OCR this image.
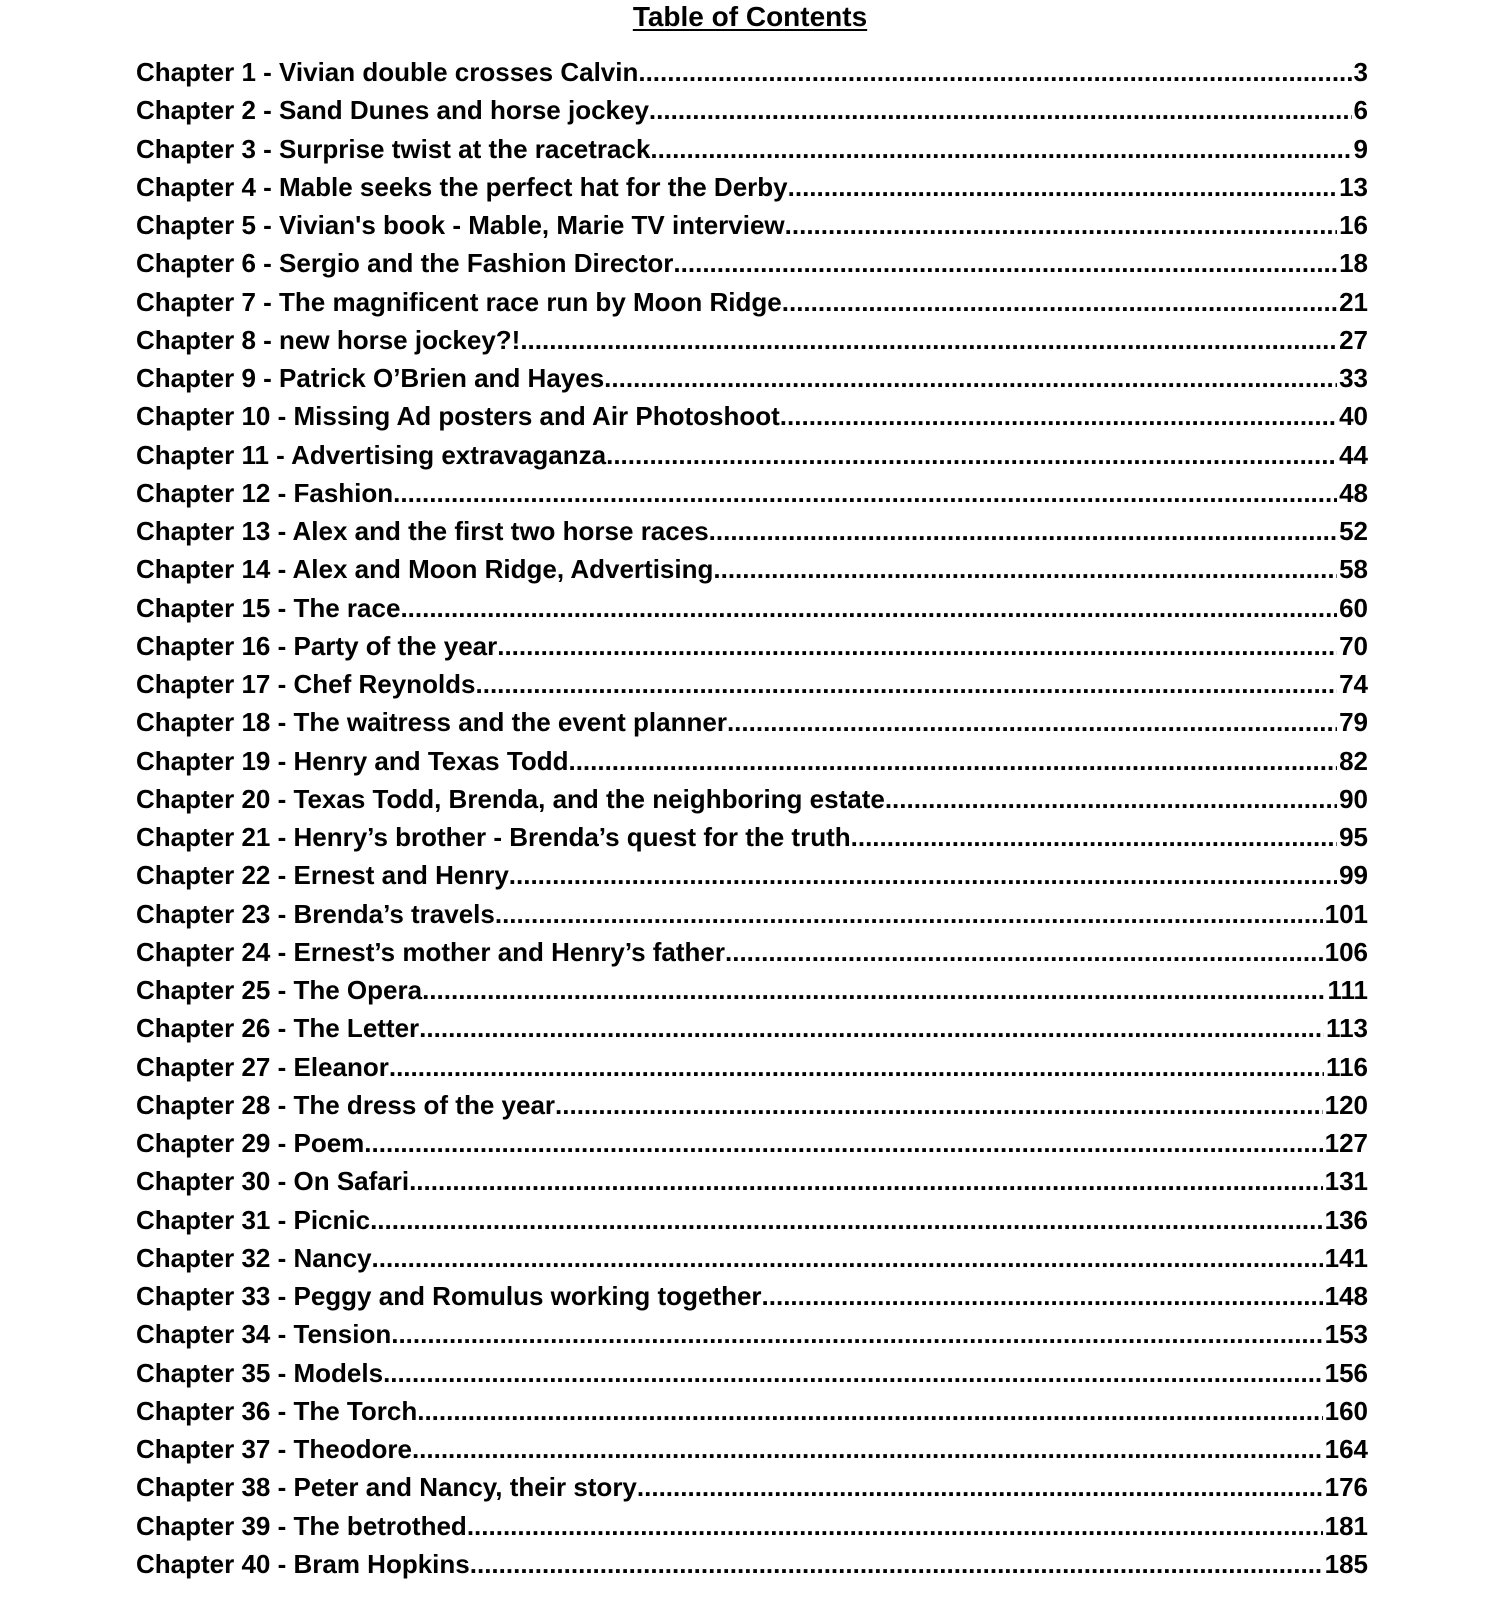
Table of Contents
Chapter 1 - Vivian double crosses Calvin .....	3
Chapter 2 - Sand Dunes and horse jockey .....	6
Chapter 3 - Surprise twist at the racetrack .....	9
Chapter 4 - Mable seeks the perfect hat for the Derby .....	13
Chapter 5 - Vivian's book - Mable, Marie TV interview .....	16
Chapter 6 - Sergio and the Fashion Director .....	18
Chapter 7 - The magnificent race run by Moon Ridge .....	21
Chapter 8 - new horse jockey?! .....	27
Chapter 9 - Patrick O’Brien and Hayes .....	33
Chapter 10 - Missing Ad posters and Air Photoshoot .....	40
Chapter 11 - Advertising extravaganza .....	44
Chapter 12 - Fashion .....	48
Chapter 13 - Alex and the first two horse races .....	52
Chapter 14 - Alex and Moon Ridge, Advertising .....	58
Chapter 15 - The race .....	60
Chapter 16 - Party of the year .....	70
Chapter 17 - Chef Reynolds .....	74
Chapter 18 - The waitress and the event planner .....	79
Chapter 19 - Henry and Texas Todd .....	82
Chapter 20 - Texas Todd, Brenda, and the neighboring estate .....	90
Chapter 21 - Henry’s brother - Brenda’s quest for the truth .....	95
Chapter 22 - Ernest and Henry .....	99
Chapter 23 - Brenda’s travels .....	101
Chapter 24 - Ernest’s mother and Henry’s father .....	106
Chapter 25 - The Opera .....	111
Chapter 26 - The Letter .....	113
Chapter 27 - Eleanor .....	116
Chapter 28 - The dress of the year .....	120
Chapter 29 - Poem .....	127
Chapter 30 - On Safari .....	131
Chapter 31 - Picnic .....	136
Chapter 32 - Nancy .....	141
Chapter 33 - Peggy and Romulus working together .....	148
Chapter 34 - Tension .....	153
Chapter 35 - Models .....	156
Chapter 36 - The Torch .....	160
Chapter 37 - Theodore .....	164
Chapter 38 - Peter and Nancy, their story .....	176
Chapter 39 - The betrothed .....	181
Chapter 40 - Bram Hopkins .....	185
